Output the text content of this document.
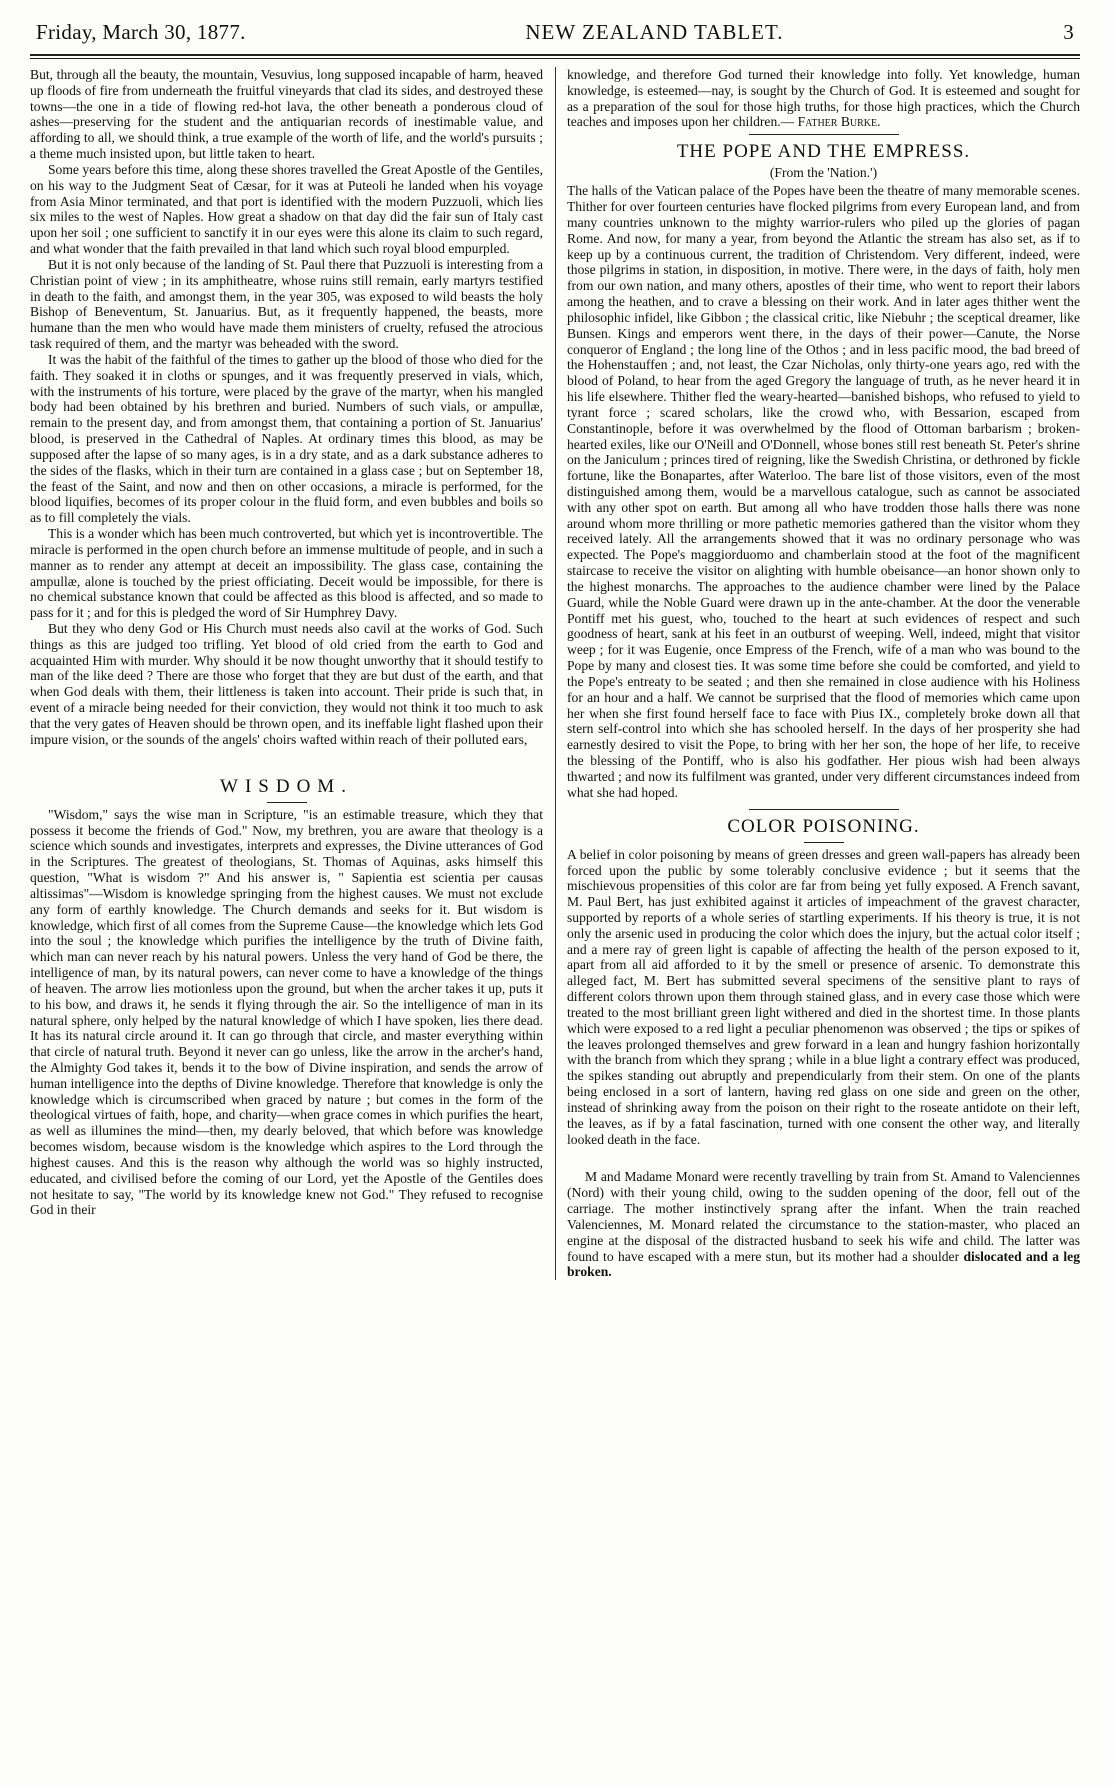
Friday, March 30, 1877.	NEW ZEALAND TABLET.	3

But, through all the beauty, the mountain, Vesuvius, long supposed incapable of harm, heaved up floods of fire from underneath the fruitful vineyards that clad its sides, and destroyed these towns—the one in a tide of flowing red-hot lava, the other beneath a ponderous cloud of ashes—preserving for the student and the antiquarian records of inestimable value, and affording to all, we should think, a true example of the worth of life, and the world's pursuits ; a theme much insisted upon, but little taken to heart.

Some years before this time, along these shores travelled the Great Apostle of the Gentiles, on his way to the Judgment Seat of Cæsar, for it was at Puteoli he landed when his voyage from Asia Minor terminated, and that port is identified with the modern Puzzuoli, which lies six miles to the west of Naples. How great a shadow on that day did the fair sun of Italy cast upon her soil ; one sufficient to sanctify it in our eyes were this alone its claim to such regard, and what wonder that the faith prevailed in that land which such royal blood empurpled.

But it is not only because of the landing of St. Paul there that Puzzuoli is interesting from a Christian point of view ; in its amphitheatre, whose ruins still remain, early martyrs testified in death to the faith, and amongst them, in the year 305, was exposed to wild beasts the holy Bishop of Beneventum, St. Januarius. But, as it frequently happened, the beasts, more humane than the men who would have made them ministers of cruelty, refused the atrocious task required of them, and the martyr was beheaded with the sword.

It was the habit of the faithful of the times to gather up the blood of those who died for the faith. They soaked it in cloths or spunges, and it was frequently preserved in vials, which, with the instruments of his torture, were placed by the grave of the martyr, when his mangled body had been obtained by his brethren and buried. Numbers of such vials, or ampullæ, remain to the present day, and from amongst them, that containing a portion of St. Januarius' blood, is preserved in the Cathedral of Naples. At ordinary times this blood, as may be supposed after the lapse of so many ages, is in a dry state, and as a dark substance adheres to the sides of the flasks, which in their turn are contained in a glass case ; but on September 18, the feast of the Saint, and now and then on other occasions, a miracle is performed, for the blood liquifies, becomes of its proper colour in the fluid form, and even bubbles and boils so as to fill completely the vials.

This is a wonder which has been much controverted, but which yet is incontrovertible. The miracle is performed in the open church before an immense multitude of people, and in such a manner as to render any attempt at deceit an impossibility. The glass case, containing the ampullæ, alone is touched by the priest officiating. Deceit would be impossible, for there is no chemical substance known that could be affected as this blood is affected, and so made to pass for it ; and for this is pledged the word of Sir Humphrey Davy.

But they who deny God or His Church must needs also cavil at the works of God. Such things as this are judged too trifling. Yet blood of old cried from the earth to God and acquainted Him with murder. Why should it be now thought unworthy that it should testify to man of the like deed ? There are those who forget that they are but dust of the earth, and that when God deals with them, their littleness is taken into account. Their pride is such that, in event of a miracle being needed for their conviction, they would not think it too much to ask that the very gates of Heaven should be thrown open, and its ineffable light flashed upon their impure vision, or the sounds of the angels' choirs wafted within reach of their polluted ears,

WISDOM.

"Wisdom," says the wise man in Scripture, "is an estimable treasure, which they that possess it become the friends of God." Now, my brethren, you are aware that theology is a science which sounds and investigates, interprets and expresses, the Divine utterances of God in the Scriptures. The greatest of theologians, St. Thomas of Aquinas, asks himself this question, "What is wisdom ?" And his answer is, " Sapientia est scientia per causas altissimas"—Wisdom is knowledge springing from the highest causes. We must not exclude any form of earthly knowledge. The Church demands and seeks for it. But wisdom is knowledge, which first of all comes from the Supreme Cause—the knowledge which lets God into the soul ; the knowledge which purifies the intelligence by the truth of Divine faith, which man can never reach by his natural powers. Unless the very hand of God be there, the intelligence of man, by its natural powers, can never come to have a knowledge of the things of heaven. The arrow lies motionless upon the ground, but when the archer takes it up, puts it to his bow, and draws it, he sends it flying through the air. So the intelligence of man in its natural sphere, only helped by the natural knowledge of which I have spoken, lies there dead. It has its natural circle around it. It can go through that circle, and master everything within that circle of natural truth. Beyond it never can go unless, like the arrow in the archer's hand, the Almighty God takes it, bends it to the bow of Divine inspiration, and sends the arrow of human intelligence into the depths of Divine knowledge. Therefore that knowledge is only the knowledge which is circumscribed when graced by nature ; but comes in the form of the theological virtues of faith, hope, and charity—when grace comes in which purifies the heart, as well as illumines the mind—then, my dearly beloved, that which before was knowledge becomes wisdom, because wisdom is the knowledge which aspires to the Lord through the highest causes. And this is the reason why although the world was so highly instructed, educated, and civilised before the coming of our Lord, yet the Apostle of the Gentiles does not hesitate to say, "The world by its knowledge knew not God." They refused to recognise God in their

knowledge, and therefore God turned their knowledge into folly. Yet knowledge, human knowledge, is esteemed—nay, is sought by the Church of God. It is esteemed and sought for as a preparation of the soul for those high truths, for those high practices, which the Church teaches and imposes upon her children.— Father Burke.

THE POPE AND THE EMPRESS.
(From the 'Nation.')

The halls of the Vatican palace of the Popes have been the theatre of many memorable scenes. Thither for over fourteen centuries have flocked pilgrims from every European land, and from many countries unknown to the mighty warrior-rulers who piled up the glories of pagan Rome. And now, for many a year, from beyond the Atlantic the stream has also set, as if to keep up by a continuous current, the tradition of Christendom. Very different, indeed, were those pilgrims in station, in disposition, in motive. There were, in the days of faith, holy men from our own nation, and many others, apostles of their time, who went to report their labors among the heathen, and to crave a blessing on their work. And in later ages thither went the philosophic infidel, like Gibbon ; the classical critic, like Niebuhr ; the sceptical dreamer, like Bunsen. Kings and emperors went there, in the days of their power—Canute, the Norse conqueror of England ; the long line of the Othos ; and in less pacific mood, the bad breed of the Hohenstauffen ; and, not least, the Czar Nicholas, only thirty-one years ago, red with the blood of Poland, to hear from the aged Gregory the language of truth, as he never heard it in his life elsewhere. Thither fled the weary-hearted—banished bishops, who refused to yield to tyrant force ; scared scholars, like the crowd who, with Bessarion, escaped from Constantinople, before it was overwhelmed by the flood of Ottoman barbarism ; broken-hearted exiles, like our O'Neill and O'Donnell, whose bones still rest beneath St. Peter's shrine on the Janiculum ; princes tired of reigning, like the Swedish Christina, or dethroned by fickle fortune, like the Bonapartes, after Waterloo. The bare list of those visitors, even of the most distinguished among them, would be a marvellous catalogue, such as cannot be associated with any other spot on earth. But among all who have trodden those halls there was none around whom more thrilling or more pathetic memories gathered than the visitor whom they received lately. All the arrangements showed that it was no ordinary personage who was expected. The Pope's maggiorduomo and chamberlain stood at the foot of the magnificent staircase to receive the visitor on alighting with humble obeisance—an honor shown only to the highest monarchs. The approaches to the audience chamber were lined by the Palace Guard, while the Noble Guard were drawn up in the ante-chamber. At the door the venerable Pontiff met his guest, who, touched to the heart at such evidences of respect and such goodness of heart, sank at his feet in an outburst of weeping. Well, indeed, might that visitor weep ; for it was Eugenie, once Empress of the French, wife of a man who was bound to the Pope by many and closest ties. It was some time before she could be comforted, and yield to the Pope's entreaty to be seated ; and then she remained in close audience with his Holiness for an hour and a half. We cannot be surprised that the flood of memories which came upon her when she first found herself face to face with Pius IX., completely broke down all that stern self-control into which she has schooled herself. In the days of her prosperity she had earnestly desired to visit the Pope, to bring with her her son, the hope of her life, to receive the blessing of the Pontiff, who is also his godfather. Her pious wish had been always thwarted ; and now its fulfilment was granted, under very different circumstances indeed from what she had hoped.

COLOR POISONING.

A belief in color poisoning by means of green dresses and green wall-papers has already been forced upon the public by some tolerably conclusive evidence ; but it seems that the mischievous propensities of this color are far from being yet fully exposed. A French savant, M. Paul Bert, has just exhibited against it articles of impeachment of the gravest character, supported by reports of a whole series of startling experiments. If his theory is true, it is not only the arsenic used in producing the color which does the injury, but the actual color itself ; and a mere ray of green light is capable of affecting the health of the person exposed to it, apart from all aid afforded to it by the smell or presence of arsenic. To demonstrate this alleged fact, M. Bert has submitted several specimens of the sensitive plant to rays of different colors thrown upon them through stained glass, and in every case those which were treated to the most brilliant green light withered and died in the shortest time. In those plants which were exposed to a red light a peculiar phenomenon was observed ; the tips or spikes of the leaves prolonged themselves and grew forward in a lean and hungry fashion horizontally with the branch from which they sprang ; while in a blue light a contrary effect was produced, the spikes standing out abruptly and prependicularly from their stem. On one of the plants being enclosed in a sort of lantern, having red glass on one side and green on the other, instead of shrinking away from the poison on their right to the roseate antidote on their left, the leaves, as if by a fatal fascination, turned with one consent the other way, and literally looked death in the face.

M and Madame Monard were recently travelling by train from St. Amand to Valenciennes (Nord) with their young child, owing to the sudden opening of the door, fell out of the carriage. The mother instinctively sprang after the infant. When the train reached Valenciennes, M. Monard related the circumstance to the station-master, who placed an engine at the disposal of the distracted husband to seek his wife and child. The latter was found to have escaped with a mere stun, but its mother had a shoulder dislocated and a leg broken.
